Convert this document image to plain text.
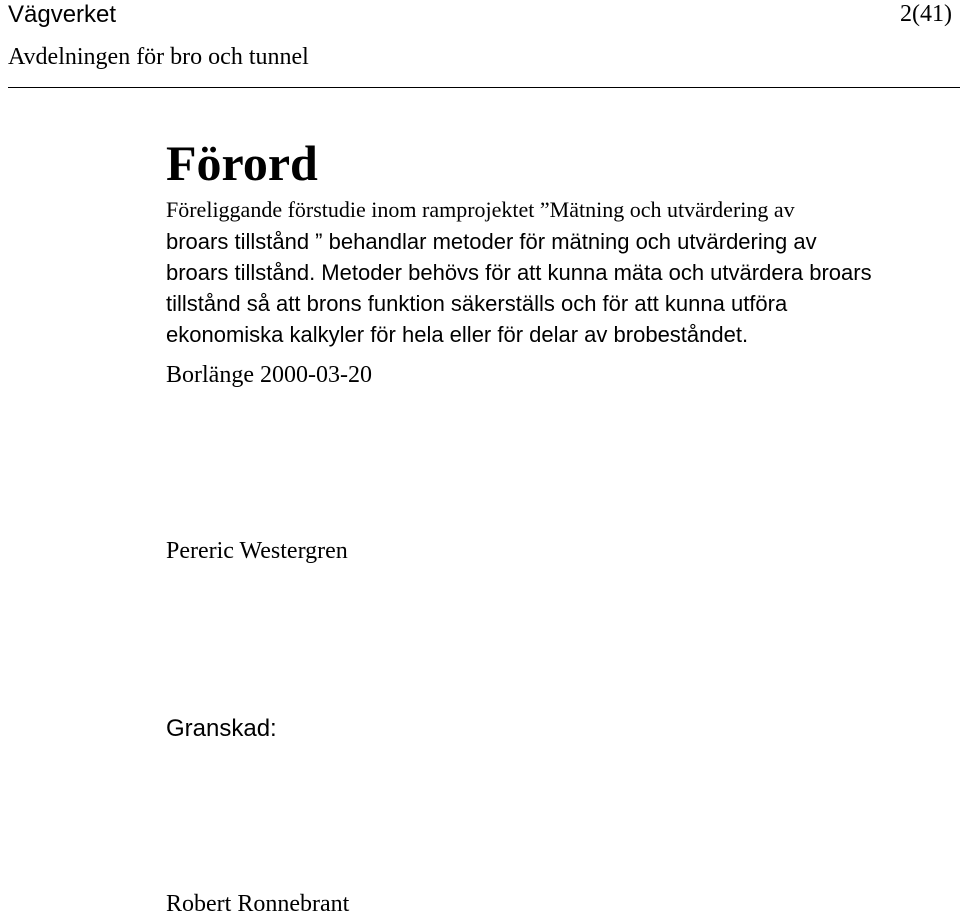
Vägverket	2(41)
Avdelningen för bro och tunnel
Förord
Föreliggande förstudie inom ramprojektet ”Mätning och utvärdering av
broars tillstånd ” behandlar metoder för mätning och utvärdering av
broars tillstånd. Metoder behövs för att kunna mäta och utvärdera broars
tillstånd så att brons funktion säkerställs och för att kunna utföra
ekonomiska kalkyler för hela eller för delar av brobeståndet.
Borlänge 2000-03-20
Pereric Westergren
Granskad:
Robert Ronnebrant
